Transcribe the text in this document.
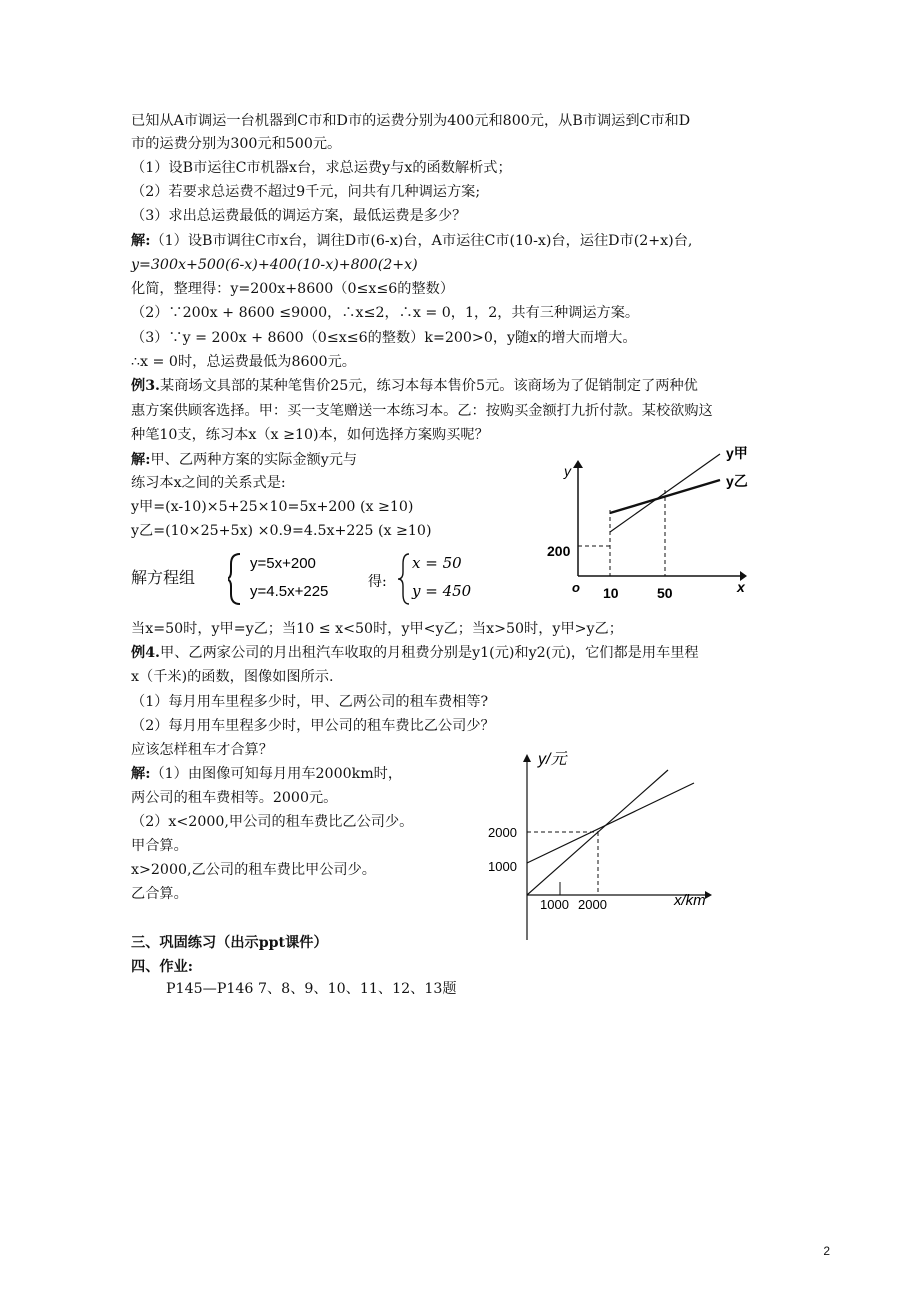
已知从A市调运一台机器到C市和D市的运费分别为400元和800元，从B市调运到C市和D
市的运费分别为300元和500元。
（1）设B市运往C市机器x台，求总运费y与x的函数解析式；
（2）若要求总运费不超过9千元，问共有几种调运方案;
（3）求出总运费最低的调运方案，最低运费是多少？
解:（1）设B市调往C市x台，调往D市(6-x)台，A市运往C市(10-x)台，运往D市(2+x)台,
y=300x+500(6-x)+400(10-x)+800(2+x)
化简，整理得：y=200x+8600（0≤x≤6的整数）
（2）∵200x + 8600 ≤9000，∴x≤2，∴x = 0，1，2，共有三种调运方案。
（3）∵y = 200x + 8600（0≤x≤6的整数）k=200>0，y随x的增大而增大。
∴x = 0时，总运费最低为8600元。
例3.某商场文具部的某种笔售价25元，练习本每本售价5元。该商场为了促销制定了两种优
惠方案供顾客选择。甲：买一支笔赠送一本练习本。乙：按购买金额打九折付款。某校欲购这
种笔10支，练习本x（x ≥10)本，如何选择方案购买呢？
解:甲、乙两种方案的实际金额y元与
练习本x之间的关系式是:
y甲=(x-10)×5+25×10=5x+200 (x ≥10)
y乙=(10×25+5x) ×0.9=4.5x+225 (x ≥10)
解方程组
y=5x+200
y=4.5x+225
得:
x = 50
y = 450
当x=50时，y甲=y乙；当10 ≤ x<50时，y甲<y乙；当x>50时，y甲>y乙；
y
x
o 10	50
200
y甲
y乙
例4.甲、乙两家公司的月出租汽车收取的月租费分别是y1(元)和y2(元)，它们都是用车里程
x（千米)的函数，图像如图所示.
（1）每月用车里程多少时，甲、乙两公司的租车费相等?
（2）每月用车里程多少时，甲公司的租车费比乙公司少？
应该怎样租车才合算？
解:（1）由图像可知每月用车2000km时，
两公司的租车费相等。2000元。
（2）x<2000,甲公司的租车费比乙公司少。
甲合算。
x>2000,乙公司的租车费比甲公司少。
乙合算。
y/元
x/km
2000
1000
1000 2000
三、巩固练习（出示ppt课件）
四、作业:
P145—P146 7、8、9、10、11、12、13题
2
